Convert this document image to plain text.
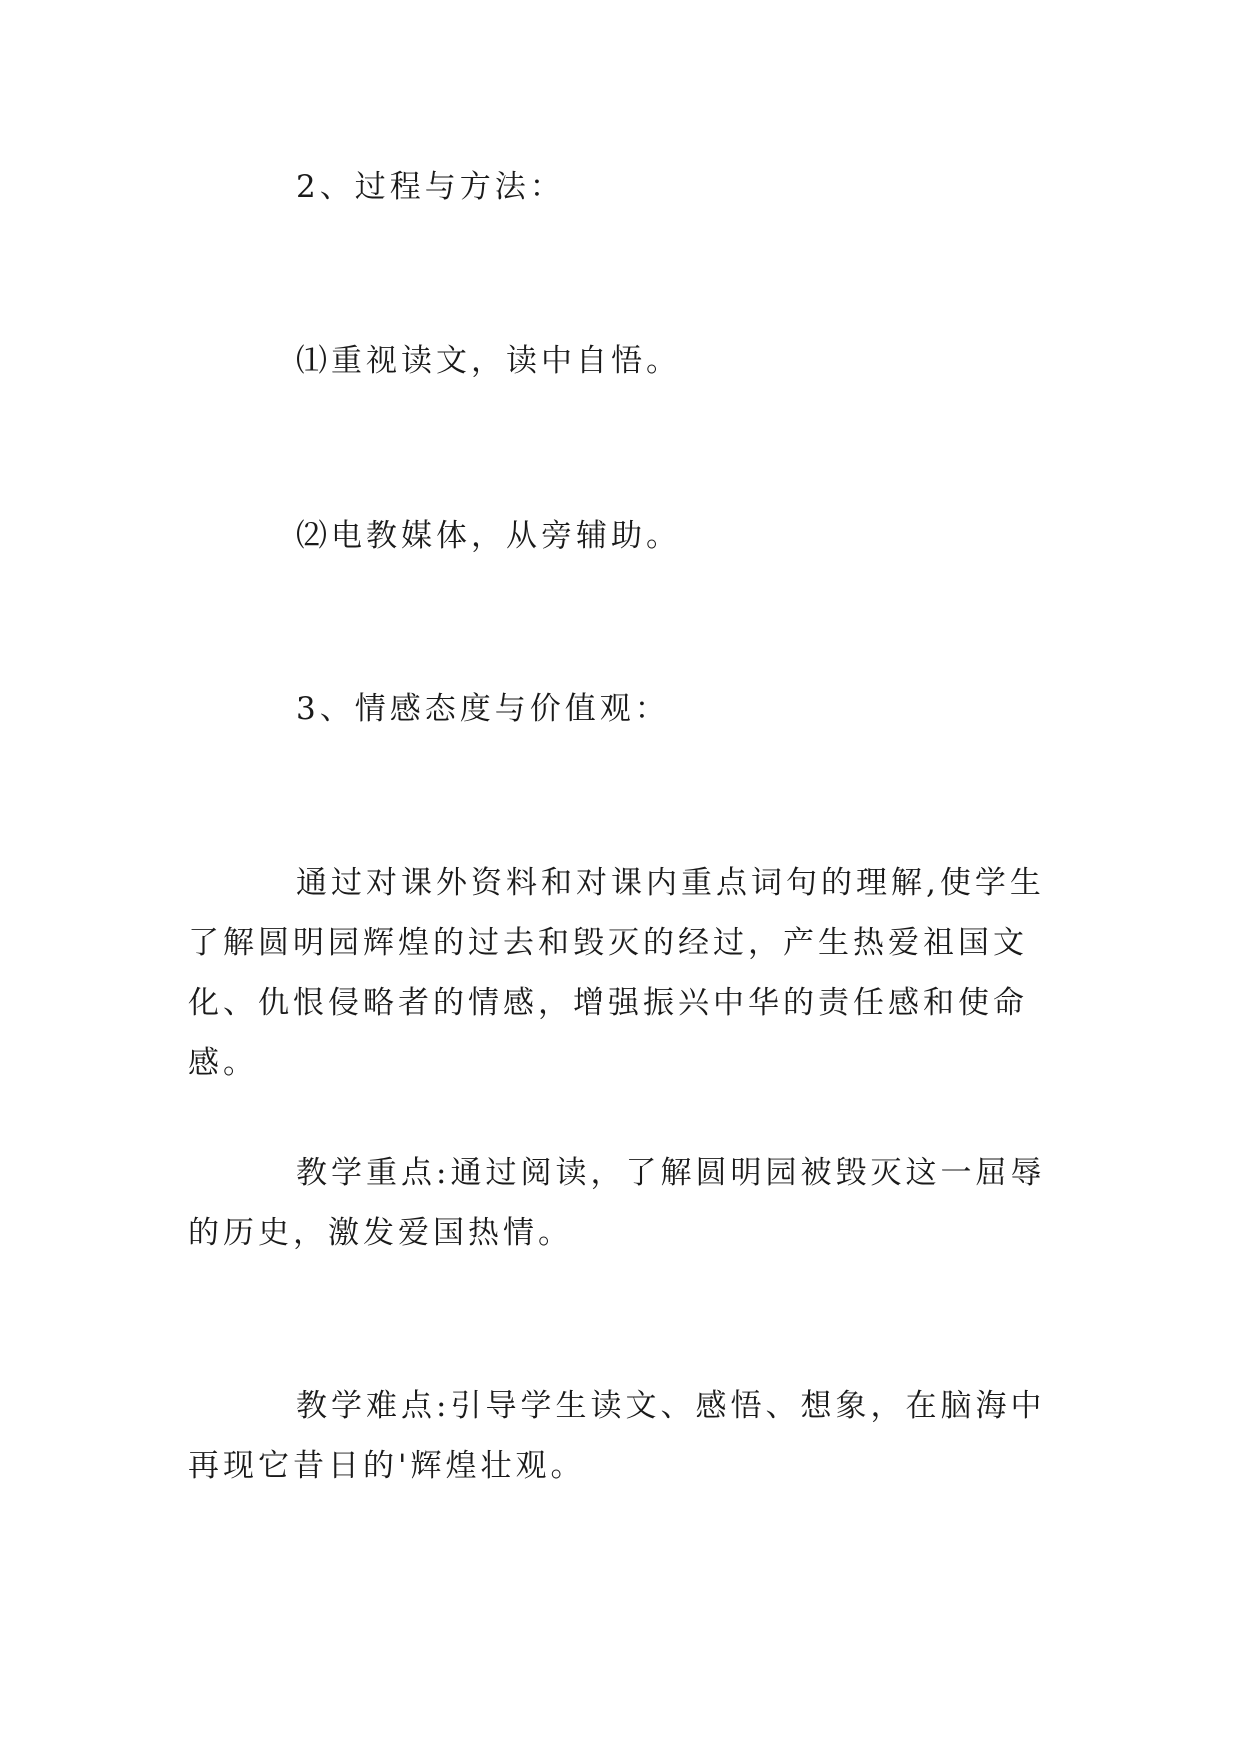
2、过程与方法：

⑴重视读文，读中自悟。

⑵电教媒体，从旁辅助。

3、情感态度与价值观：

通过对课外资料和对课内重点词句的理解,使学生了解圆明园辉煌的过去和毁灭的经过，产生热爱祖国文化、仇恨侵略者的情感，增强振兴中华的责任感和使命感。

教学重点:通过阅读，了解圆明园被毁灭这一屈辱的历史，激发爱国热情。

教学难点:引导学生读文、感悟、想象，在脑海中再现它昔日的'辉煌壮观。
